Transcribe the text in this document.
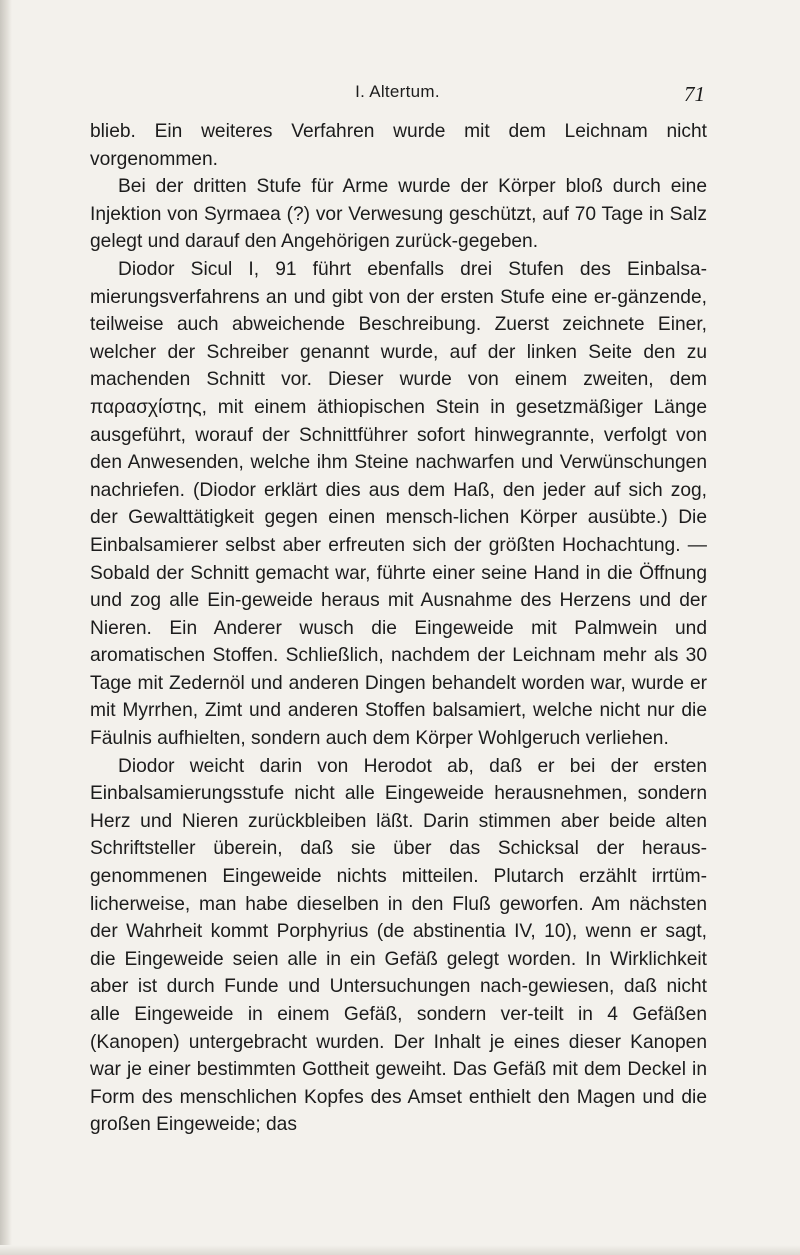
I. Altertum.	71

blieb. Ein weiteres Verfahren wurde mit dem Leichnam nicht vorgenommen.

Bei der dritten Stufe für Arme wurde der Körper bloß durch eine Injektion von Syrmaea (?) vor Verwesung geschützt, auf 70 Tage in Salz gelegt und darauf den Angehörigen zurück-gegeben.

Diodor Sicul I, 91 führt ebenfalls drei Stufen des Einbalsa-mierungsverfahrens an und gibt von der ersten Stufe eine er-gänzende, teilweise auch abweichende Beschreibung. Zuerst zeichnete Einer, welcher der Schreiber genannt wurde, auf der linken Seite den zu machenden Schnitt vor. Dieser wurde von einem zweiten, dem παρασχίστης, mit einem äthiopischen Stein in gesetzmäßiger Länge ausgeführt, worauf der Schnittführer sofort hinwegrannte, verfolgt von den Anwesenden, welche ihm Steine nachwarfen und Verwünschungen nachriefen. (Diodor erklärt dies aus dem Haß, den jeder auf sich zog, der Gewalttätigkeit gegen einen mensch-lichen Körper ausübte.) Die Einbalsamierer selbst aber erfreuten sich der größten Hochachtung. — Sobald der Schnitt gemacht war, führte einer seine Hand in die Öffnung und zog alle Ein-geweide heraus mit Ausnahme des Herzens und der Nieren. Ein Anderer wusch die Eingeweide mit Palmwein und aromatischen Stoffen. Schließlich, nachdem der Leichnam mehr als 30 Tage mit Zedernöl und anderen Dingen behandelt worden war, wurde er mit Myrrhen, Zimt und anderen Stoffen balsamiert, welche nicht nur die Fäulnis aufhielten, sondern auch dem Körper Wohlgeruch verliehen.

Diodor weicht darin von Herodot ab, daß er bei der ersten Einbalsamierungsstufe nicht alle Eingeweide herausnehmen, sondern Herz und Nieren zurückbleiben läßt. Darin stimmen aber beide alten Schriftsteller überein, daß sie über das Schicksal der heraus-genommenen Eingeweide nichts mitteilen. Plutarch erzählt irrtüm-licherweise, man habe dieselben in den Fluß geworfen. Am nächsten der Wahrheit kommt Porphyrius (de abstinentia IV, 10), wenn er sagt, die Eingeweide seien alle in ein Gefäß gelegt worden. In Wirklichkeit aber ist durch Funde und Untersuchungen nach-gewiesen, daß nicht alle Eingeweide in einem Gefäß, sondern ver-teilt in 4 Gefäßen (Kanopen) untergebracht wurden. Der Inhalt je eines dieser Kanopen war je einer bestimmten Gottheit geweiht. Das Gefäß mit dem Deckel in Form des menschlichen Kopfes des Amset enthielt den Magen und die großen Eingeweide; das
